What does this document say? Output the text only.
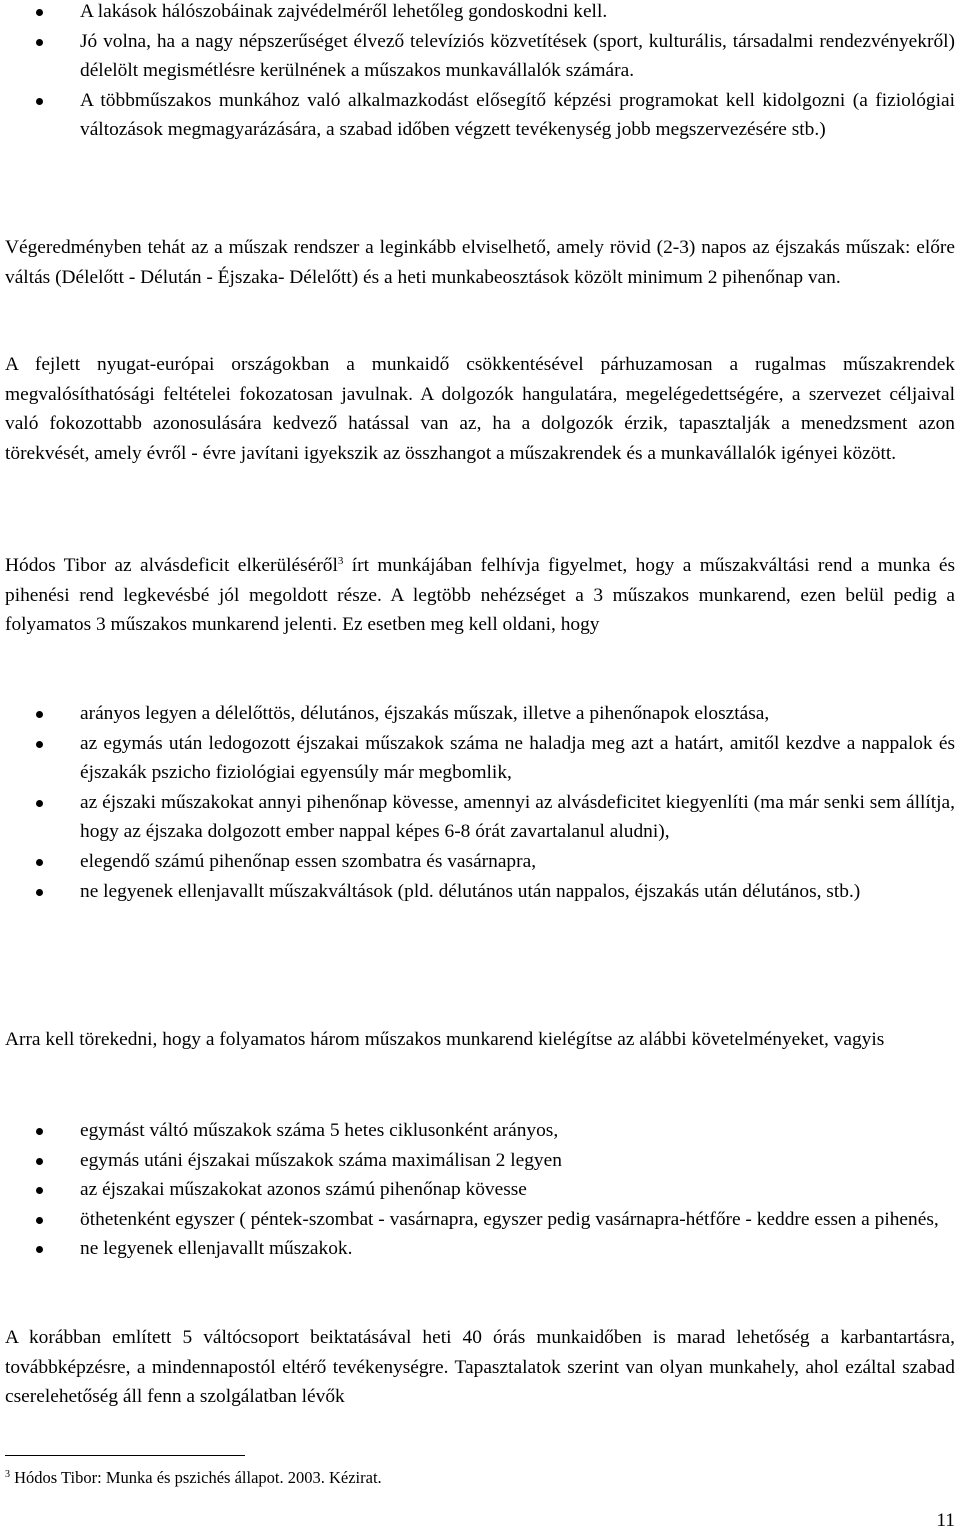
A lakások hálószobáinak zajvédelméről lehetőleg gondoskodni kell.
Jó volna, ha a nagy népszerűséget élvező televíziós közvetítések (sport, kulturális, társadalmi rendezvényekről) délelölt megismétlésre kerülnének a műszakos munkavállalók számára.
A többműszakos munkához való alkalmazkodást elősegítő képzési programokat kell kidolgozni (a fiziológiai változások megmagyarázására, a szabad időben végzett tevékenység jobb megszervezésére stb.)

Végeredményben tehát az a műszak rendszer a leginkább elviselhető, amely rövid (2-3) napos az éjszakás műszak: előre váltás (Délelőtt - Délután - Éjszaka- Délelőtt) és a heti munkabeosztások közölt minimum 2 pihenőnap van.

A fejlett nyugat-európai országokban a munkaidő csökkentésével párhuzamosan a rugalmas műszakrendek megvalósíthatósági feltételei fokozatosan javulnak. A dolgozók hangulatára, megelégedettségére, a szervezet céljaival való fokozottabb azonosulására kedvező hatással van az, ha a dolgozók érzik, tapasztalják a menedzsment azon törekvését, amely évről - évre javítani igyekszik az összhangot a műszakrendek és a munkavállalók igényei között.

Hódos Tibor az alvásdeficit elkerüléséről$^3$ írt munkájában felhívja figyelmet, hogy a műszakváltási rend a munka és pihenési rend legkevésbé jól megoldott része. A legtöbb nehézséget a 3 műszakos munkarend, ezen belül pedig a folyamatos 3 műszakos munkarend jelenti. Ez esetben meg kell oldani, hogy

arányos legyen a délelőttös, délutános, éjszakás műszak, illetve a pihenőnapok elosztása,
az egymás után ledogozott éjszakai műszakok száma ne haladja meg azt a határt, amitől kezdve a nappalok és éjszakák pszicho fiziológiai egyensúly már megbomlik,
az éjszaki műszakokat annyi pihenőnap kövesse, amennyi az alvásdeficitet kiegyenlíti (ma már senki sem állítja, hogy az éjszaka dolgozott ember nappal képes 6-8 órát zavartalanul aludni),
elegendő számú pihenőnap essen szombatra és vasárnapra,
ne legyenek ellenjavallt műszakváltások (pld. délutános után nappalos, éjszakás után délutános, stb.)

Arra kell törekedni, hogy a folyamatos három műszakos munkarend kielégítse az alábbi követelményeket, vagyis

egymást váltó műszakok száma 5 hetes ciklusonként arányos,
egymás utáni éjszakai műszakok száma maximálisan 2 legyen
az éjszakai műszakokat azonos számú pihenőnap kövesse
öthetenként egyszer ( péntek-szombat - vasárnapra, egyszer pedig vasárnapra-hétfőre - keddre essen a pihenés,
ne legyenek ellenjavallt műszakok.

A korábban említett 5 váltócsoport beiktatásával heti 40 órás munkaidőben is marad lehetőség a karbantartásra, továbbképzésre, a mindennapostól eltérő tevékenységre. Tapasztalatok szerint van olyan munkahely, ahol ezáltal szabad cserelehetőség áll fenn a szolgálatban lévők

$^3$ Hódos Tibor: Munka és pszichés állapot. 2003. Kézirat.
11
